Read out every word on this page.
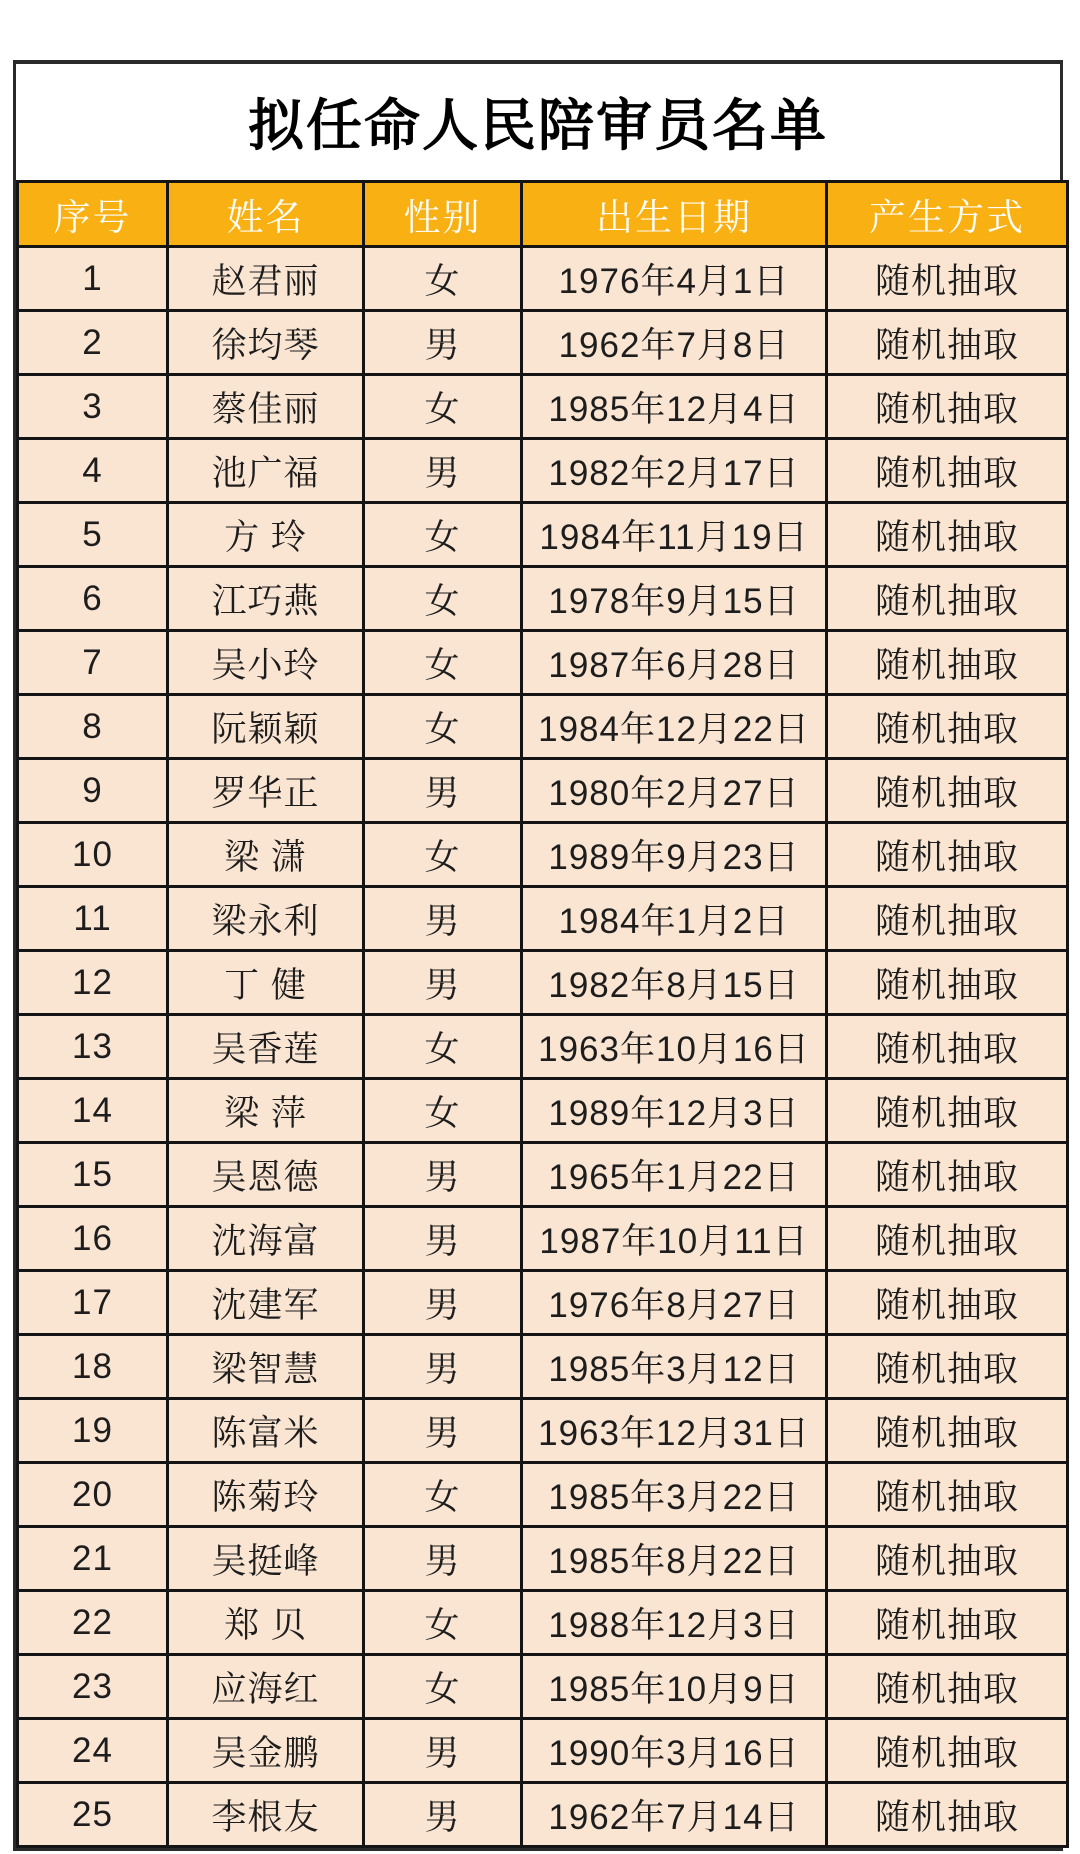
拟任命人民陪审员名单
序号	姓名	性别	出生日期	产生方式
1	赵君丽	女	1976年4月1日	随机抽取
2	徐均琴	男	1962年7月8日	随机抽取
3	蔡佳丽	女	1985年12月4日	随机抽取
4	池广福	男	1982年2月17日	随机抽取
5	方 玲	女	1984年11月19日	随机抽取
6	江巧燕	女	1978年9月15日	随机抽取
7	吴小玲	女	1987年6月28日	随机抽取
8	阮颖颖	女	1984年12月22日	随机抽取
9	罗华正	男	1980年2月27日	随机抽取
10	梁 潇	女	1989年9月23日	随机抽取
11	梁永利	男	1984年1月2日	随机抽取
12	丁 健	男	1982年8月15日	随机抽取
13	吴香莲	女	1963年10月16日	随机抽取
14	梁 萍	女	1989年12月3日	随机抽取
15	吴恩德	男	1965年1月22日	随机抽取
16	沈海富	男	1987年10月11日	随机抽取
17	沈建军	男	1976年8月27日	随机抽取
18	梁智慧	男	1985年3月12日	随机抽取
19	陈富米	男	1963年12月31日	随机抽取
20	陈菊玲	女	1985年3月22日	随机抽取
21	吴挺峰	男	1985年8月22日	随机抽取
22	郑 贝	女	1988年12月3日	随机抽取
23	应海红	女	1985年10月9日	随机抽取
24	吴金鹏	男	1990年3月16日	随机抽取
25	李根友	男	1962年7月14日	随机抽取
